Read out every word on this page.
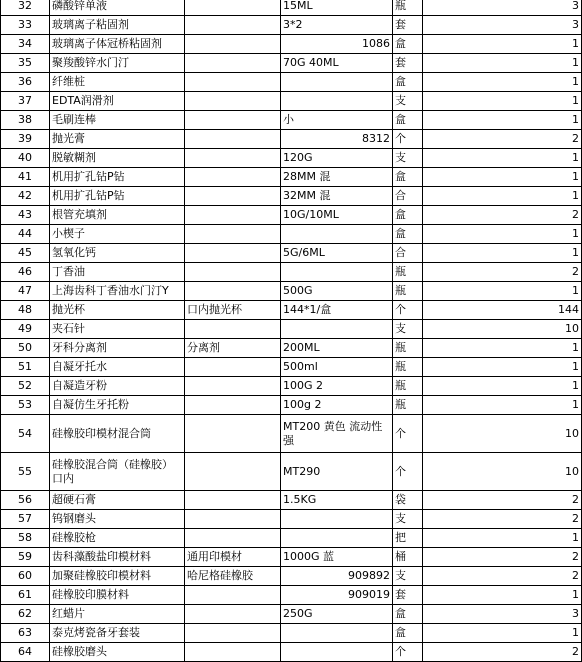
32	磷酸锌单液		15ML	瓶	3
33	玻璃离子粘固剂		3*2	套	3
34	玻璃离子体冠桥粘固剂		1086	盒	1
35	聚羧酸锌水门汀		70G 40ML	套	1
36	纤维桩			盒	1
37	EDTA润滑剂			支	1
38	毛刷连棒		小	盒	1
39	抛光膏		8312	个	2
40	脱敏糊剂		120G	支	1
41	机用扩孔钻P钻		28MM 混	盒	1
42	机用扩孔钻P钻		32MM 混	合	1
43	根管充填剂		10G/10ML	盒	2
44	小楔子			盒	1
45	氢氧化钙		5G/6ML	合	1
46	丁香油			瓶	2
47	上海齿科丁香油水门汀Y		500G	瓶	1
48	抛光杯	口内抛光杯	144*1/盒	个	144
49	夹石针			支	10
50	牙科分离剂	分离剂	200ML	瓶	1
51	自凝牙托水		500ml	瓶	1
52	自凝造牙粉		100G 2	瓶	1
53	自凝仿生牙托粉		100g 2	瓶	1
54	硅橡胶印模材混合筒		MT200 黄色 流动性强	个	10
55	硅橡胶混合筒（硅橡胶）口内		MT290	个	10
56	超硬石膏		1.5KG	袋	2
57	钨钢磨头			支	2
58	硅橡胶枪			把	1
59	齿科藻酸盐印模材料	通用印模材	1000G 蓝	桶	2
60	加聚硅橡胶印模材料	哈尼格硅橡胶	909892	支	2
61	硅橡胶印膜材料		909019	套	1
62	红蜡片		250G	盒	3
63	泰克烤瓷备牙套装			盒	1
64	硅橡胶磨头			个	2
